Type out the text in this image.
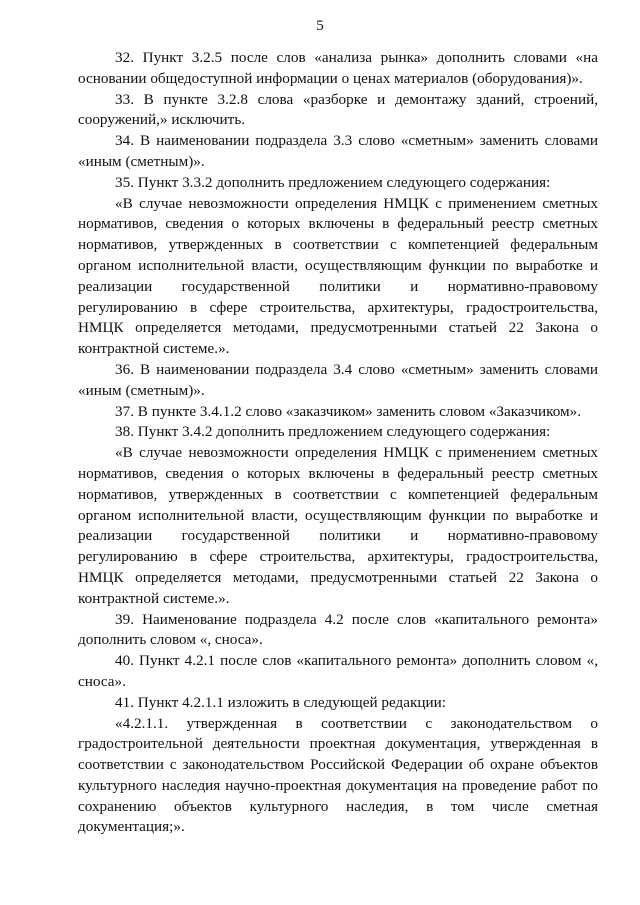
5

32. Пункт 3.2.5 после слов «анализа рынка» дополнить словами «на основании общедоступной информации о ценах материалов (оборудования)».

33. В пункте 3.2.8 слова «разборке и демонтажу зданий, строений, сооружений,» исключить.

34. В наименовании подраздела 3.3 слово «сметным» заменить словами «иным (сметным)».

35. Пункт 3.3.2 дополнить предложением следующего содержания:

«В случае невозможности определения НМЦК с применением сметных нормативов, сведения о которых включены в федеральный реестр сметных нормативов, утвержденных в соответствии с компетенцией федеральным органом исполнительной власти, осуществляющим функции по выработке и реализации государственной политики и нормативно-правовому регулированию в сфере строительства, архитектуры, градостроительства, НМЦК определяется методами, предусмотренными статьей 22 Закона о контрактной системе.».

36. В наименовании подраздела 3.4 слово «сметным» заменить словами «иным (сметным)».

37. В пункте 3.4.1.2 слово «заказчиком» заменить словом «Заказчиком».

38. Пункт 3.4.2 дополнить предложением следующего содержания:

«В случае невозможности определения НМЦК с применением сметных нормативов, сведения о которых включены в федеральный реестр сметных нормативов, утвержденных в соответствии с компетенцией федеральным органом исполнительной власти, осуществляющим функции по выработке и реализации государственной политики и нормативно-правовому регулированию в сфере строительства, архитектуры, градостроительства, НМЦК определяется методами, предусмотренными статьей 22 Закона о контрактной системе.».

39. Наименование подраздела 4.2 после слов «капитального ремонта» дополнить словом «, сноса».

40. Пункт 4.2.1 после слов «капитального ремонта» дополнить словом «, сноса».

41. Пункт 4.2.1.1 изложить в следующей редакции:

«4.2.1.1. утвержденная в соответствии с законодательством о градостроительной деятельности проектная документация, утвержденная в соответствии с законодательством Российской Федерации об охране объектов культурного наследия научно-проектная документация на проведение работ по сохранению объектов культурного наследия, в том числе сметная документация;».
